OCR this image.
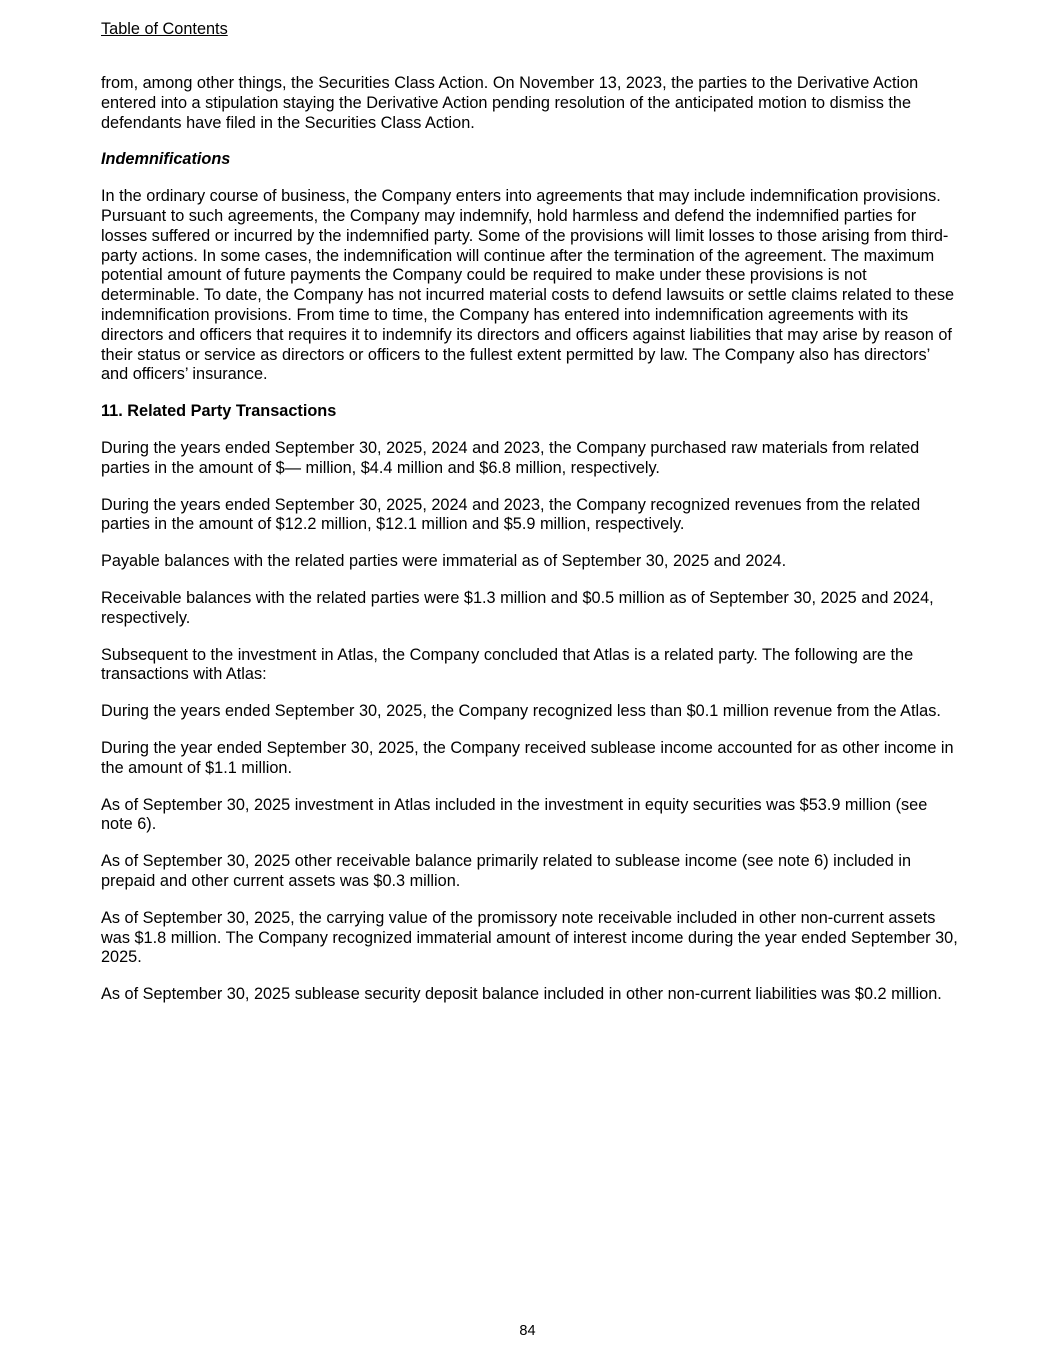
Table of Contents

from, among other things, the Securities Class Action. On November 13, 2023, the parties to the Derivative Action entered into a stipulation staying the Derivative Action pending resolution of the anticipated motion to dismiss the defendants have filed in the Securities Class Action.

Indemnifications

In the ordinary course of business, the Company enters into agreements that may include indemnification provisions. Pursuant to such agreements, the Company may indemnify, hold harmless and defend the indemnified parties for losses suffered or incurred by the indemnified party. Some of the provisions will limit losses to those arising from third-party actions. In some cases, the indemnification will continue after the termination of the agreement. The maximum potential amount of future payments the Company could be required to make under these provisions is not determinable. To date, the Company has not incurred material costs to defend lawsuits or settle claims related to these indemnification provisions. From time to time, the Company has entered into indemnification agreements with its directors and officers that requires it to indemnify its directors and officers against liabilities that may arise by reason of their status or service as directors or officers to the fullest extent permitted by law. The Company also has directors’ and officers’ insurance.

11. Related Party Transactions

During the years ended September 30, 2025, 2024 and 2023, the Company purchased raw materials from related parties in the amount of $— million, $4.4 million and $6.8 million, respectively.

During the years ended September 30, 2025, 2024 and 2023, the Company recognized revenues from the related parties in the amount of $12.2 million, $12.1 million and $5.9 million, respectively.

Payable balances with the related parties were immaterial as of September 30, 2025 and 2024.

Receivable balances with the related parties were $1.3 million and $0.5 million as of September 30, 2025 and 2024, respectively.

Subsequent to the investment in Atlas, the Company concluded that Atlas is a related party. The following are the transactions with Atlas:

During the years ended September 30, 2025, the Company recognized less than $0.1 million revenue from the Atlas.

During the year ended September 30, 2025, the Company received sublease income accounted for as other income in the amount of $1.1 million.

As of September 30, 2025 investment in Atlas included in the investment in equity securities was $53.9 million (see note 6).

As of September 30, 2025 other receivable balance primarily related to sublease income (see note 6) included in prepaid and other current assets was $0.3 million.

As of September 30, 2025, the carrying value of the promissory note receivable included in other non-current assets was $1.8 million. The Company recognized immaterial amount of interest income during the year ended September 30, 2025.

As of September 30, 2025 sublease security deposit balance included in other non-current liabilities was $0.2 million.

84
